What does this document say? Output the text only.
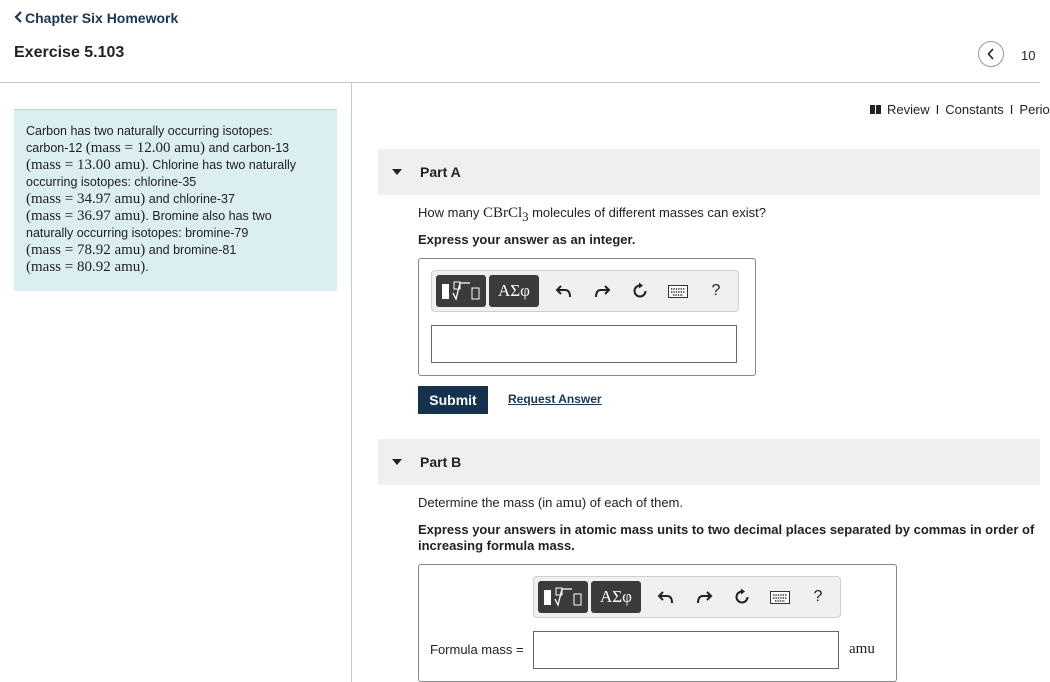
Chapter Six Homework
Exercise 5.103	10
Carbon has two naturally occurring isotopes:
carbon-12 (mass = 12.00 amu) and carbon-13
(mass = 13.00 amu). Chlorine has two naturally
occurring isotopes: chlorine-35
(mass = 34.97 amu) and chlorine-37
(mass = 36.97 amu). Bromine also has two
naturally occurring isotopes: bromine-79
(mass = 78.92 amu) and bromine-81
(mass = 80.92 amu).
Review I Constants I Perio
Part A
How many CBrCl$_3$ molecules of different masses can exist?
Express your answer as an integer.
ΑΣφ	?
Submit	Request Answer
Part B
Determine the mass (in amu) of each of them.
Express your answers in atomic mass units to two decimal places separated by commas in order of increasing formula mass.
ΑΣφ	?
Formula mass =	amu
